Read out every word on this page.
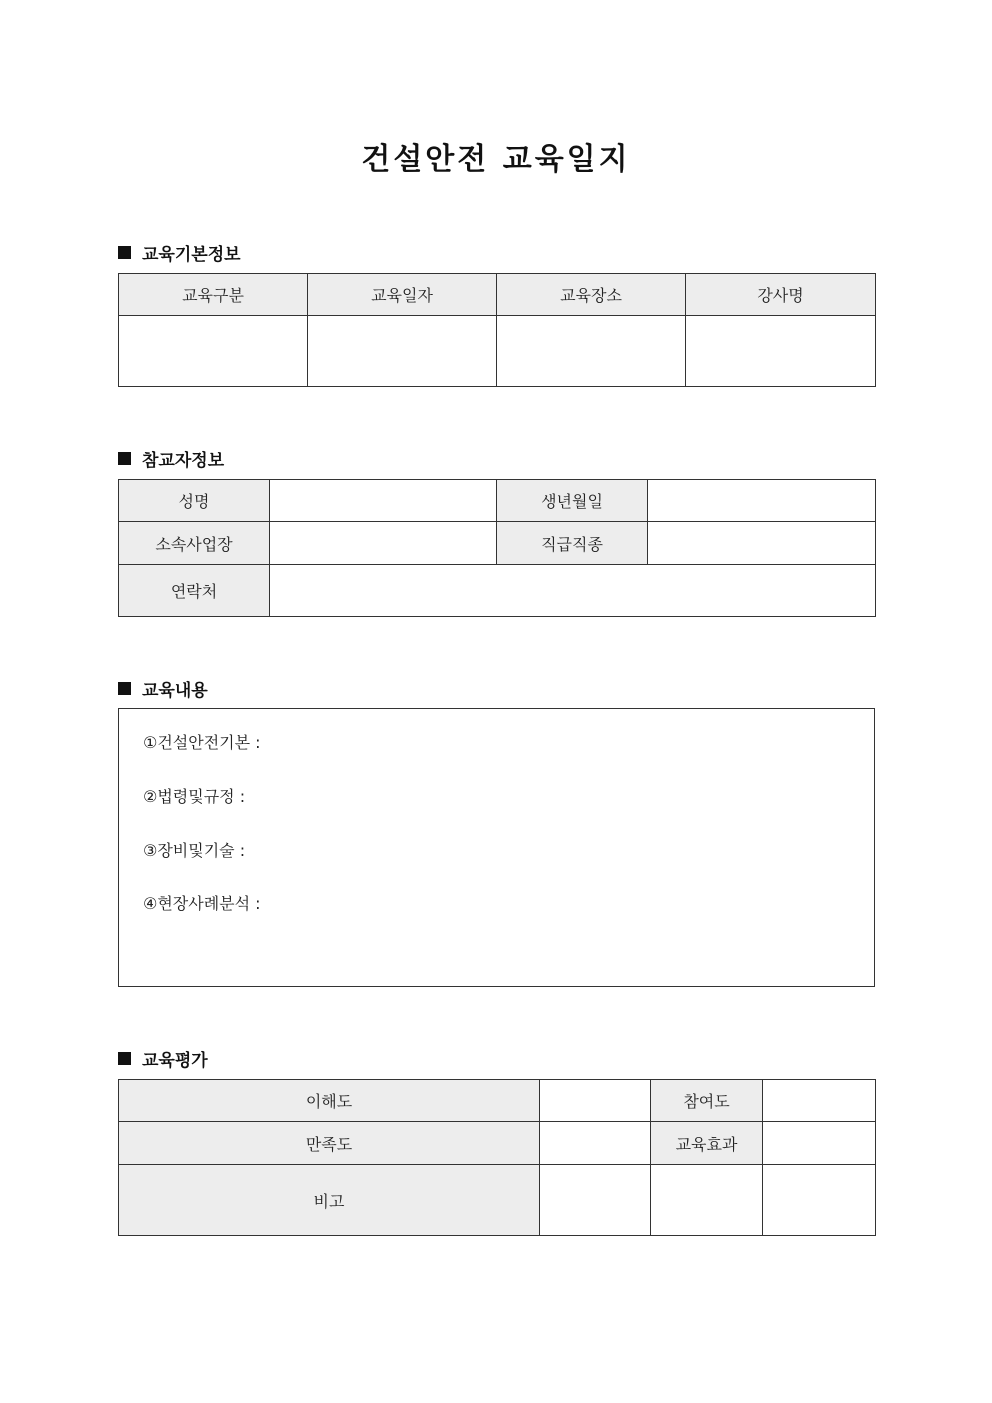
건설안전 교육일지
교육기본정보
교육구분	교육일자	교육장소	강사명

참교자정보
성명		생년월일	
소속사업장		직급직종	
연락처			
교육내용
①건설안전기본 :
②법령및규정 :
③장비및기술 :
④현장사례분석 :
교육평가
이해도		참여도	
만족도		교육효과	
비고			
